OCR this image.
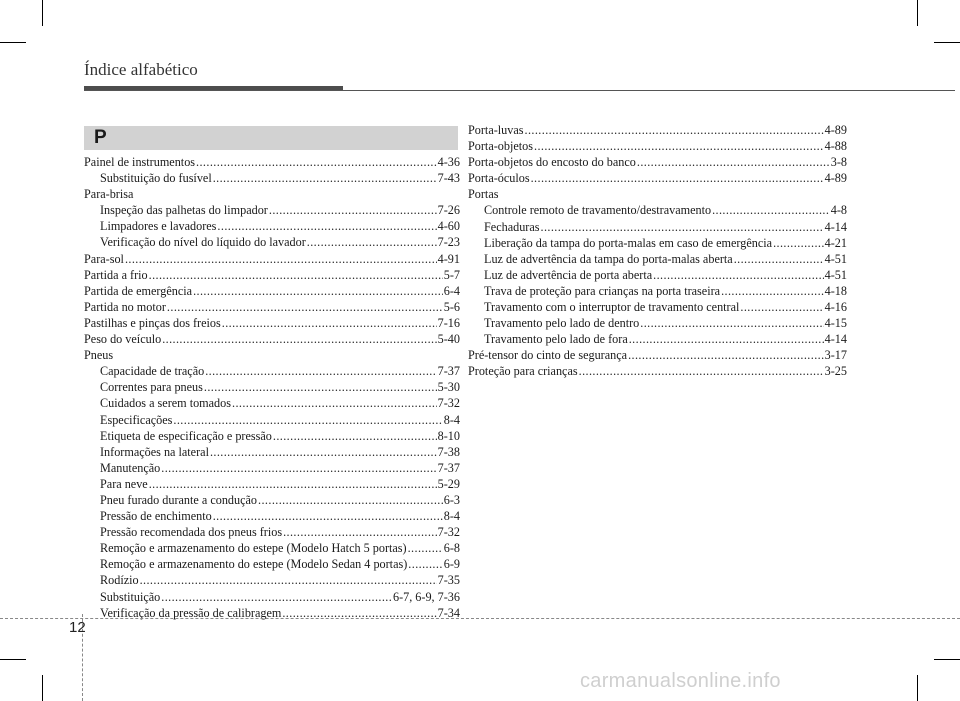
Índice alfabético
P
Painel de instrumentos .....	4-36
Substituição do fusível .....	7-43
Para-brisa
Inspeção das palhetas do limpador .....	7-26
Limpadores e lavadores .....	4-60
Verificação do nível do líquido do lavador .....	7-23
Para-sol .....	4-91
Partida a frio .....	5-7
Partida de emergência .....	6-4
Partida no motor .....	5-6
Pastilhas e pinças dos freios .....	7-16
Peso do veículo .....	5-40
Pneus
Capacidade de tração .....	7-37
Correntes para pneus .....	5-30
Cuidados a serem tomados .....	7-32
Especificações .....	8-4
Etiqueta de especificação e pressão .....	8-10
Informações na lateral .....	7-38
Manutenção .....	7-37
Para neve .....	5-29
Pneu furado durante a condução .....	6-3
Pressão de enchimento .....	8-4
Pressão recomendada dos pneus frios .....	7-32
Remoção e armazenamento do estepe (Modelo Hatch 5 portas) .....	6-8
Remoção e armazenamento do estepe (Modelo Sedan 4 portas) .....	6-9
Rodízio .....	7-35
Substituição .....	6-7, 6-9, 7-36
Verificação da pressão de calibragem .....	7-34
Porta-luvas .....	4-89
Porta-objetos .....	4-88
Porta-objetos do encosto do banco .....	3-8
Porta-óculos .....	4-89
Portas
Controle remoto de travamento/destravamento .....	4-8
Fechaduras .....	4-14
Liberação da tampa do porta-malas em caso de emergência .....	4-21
Luz de advertência da tampa do porta-malas aberta .....	4-51
Luz de advertência de porta aberta .....	4-51
Trava de proteção para crianças na porta traseira .....	4-18
Travamento com o interruptor de travamento central .....	4-16
Travamento pelo lado de dentro .....	4-15
Travamento pelo lado de fora .....	4-14
Pré-tensor do cinto de segurança .....	3-17
Proteção para crianças .....	3-25
12
carmanualsonline.info
